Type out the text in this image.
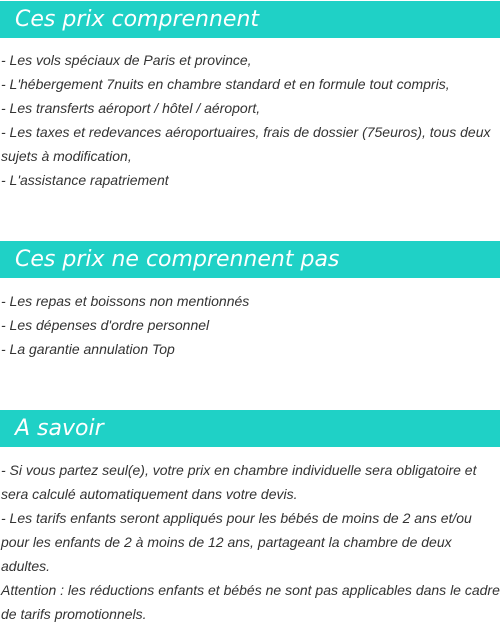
Ces prix comprennent
- Les vols spéciaux de Paris et province,
- L'hébergement 7nuits en chambre standard et en formule tout compris,
- Les transferts aéroport / hôtel / aéroport,
- Les taxes et redevances aéroportuaires, frais de dossier (75euros), tous deux sujets à modification,
- L'assistance rapatriement
Ces prix ne comprennent pas
- Les repas et boissons non mentionnés
- Les dépenses d'ordre personnel
- La garantie annulation Top
A savoir
- Si vous partez seul(e), votre prix en chambre individuelle sera obligatoire et sera calculé automatiquement dans votre devis.
- Les tarifs enfants seront appliqués pour les bébés de moins de 2 ans et/ou pour les enfants de 2 à moins de 12 ans, partageant la chambre de deux adultes.
Attention : les réductions enfants et bébés ne sont pas applicables dans le cadre de tarifs promotionnels.
